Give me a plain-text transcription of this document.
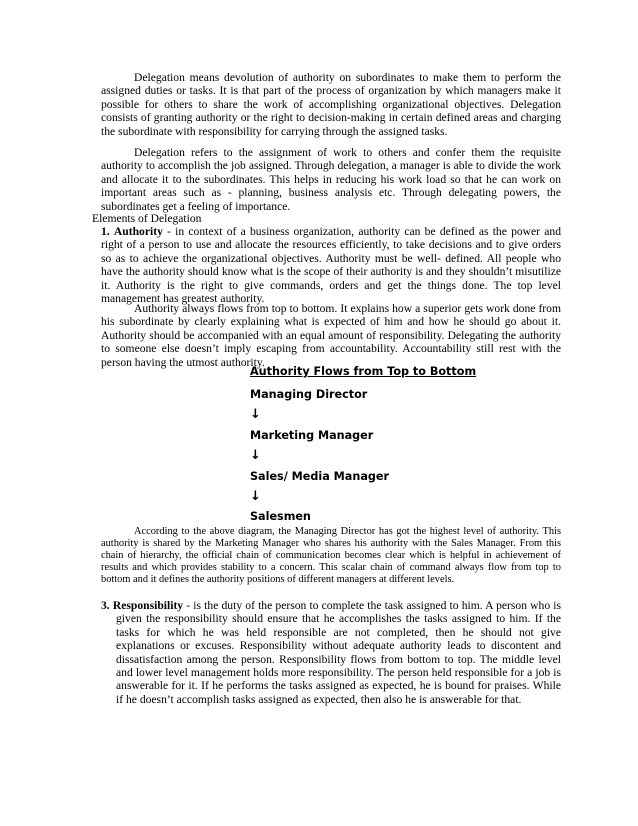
Delegation means devolution of authority on subordinates to make them to perform the assigned duties or tasks. It is that part of the process of organization by which managers make it possible for others to share the work of accomplishing organizational objectives. Delegation consists of granting authority or the right to decision-making in certain defined areas and charging the subordinate with responsibility for carrying through the assigned tasks.

Delegation refers to the assignment of work to others and confer them the requisite authority to accomplish the job assigned. Through delegation, a manager is able to divide the work and allocate it to the subordinates. This helps in reducing his work load so that he can work on important areas such as - planning, business analysis etc. Through delegating powers, the subordinates get a feeling of importance.

Elements of Delegation

1. Authority - in context of a business organization, authority can be defined as the power and right of a person to use and allocate the resources efficiently, to take decisions and to give orders so as to achieve the organizational objectives. Authority must be well- defined. All people who have the authority should know what is the scope of their authority is and they shouldn’t misutilize it. Authority is the right to give commands, orders and get the things done. The top level management has greatest authority.

Authority always flows from top to bottom. It explains how a superior gets work done from his subordinate by clearly explaining what is expected of him and how he should go about it. Authority should be accompanied with an equal amount of responsibility. Delegating the authority to someone else doesn’t imply escaping from accountability. Accountability still rest with the person having the utmost authority.

Authority Flows from Top to Bottom
Managing Director
↓
Marketing Manager
↓
Sales/ Media Manager
↓
Salesmen

According to the above diagram, the Managing Director has got the highest level of authority. This authority is shared by the Marketing Manager who shares his authority with the Sales Manager. From this chain of hierarchy, the official chain of communication becomes clear which is helpful in achievement of results and which provides stability to a concern. This scalar chain of command always flow from top to bottom and it defines the authority positions of different managers at different levels.

3. Responsibility - is the duty of the person to complete the task assigned to him. A person who is given the responsibility should ensure that he accomplishes the tasks assigned to him. If the tasks for which he was held responsible are not completed, then he should not give explanations or excuses. Responsibility without adequate authority leads to discontent and dissatisfaction among the person. Responsibility flows from bottom to top. The middle level and lower level management holds more responsibility. The person held responsible for a job is answerable for it. If he performs the tasks assigned as expected, he is bound for praises. While if he doesn’t accomplish tasks assigned as expected, then also he is answerable for that.
